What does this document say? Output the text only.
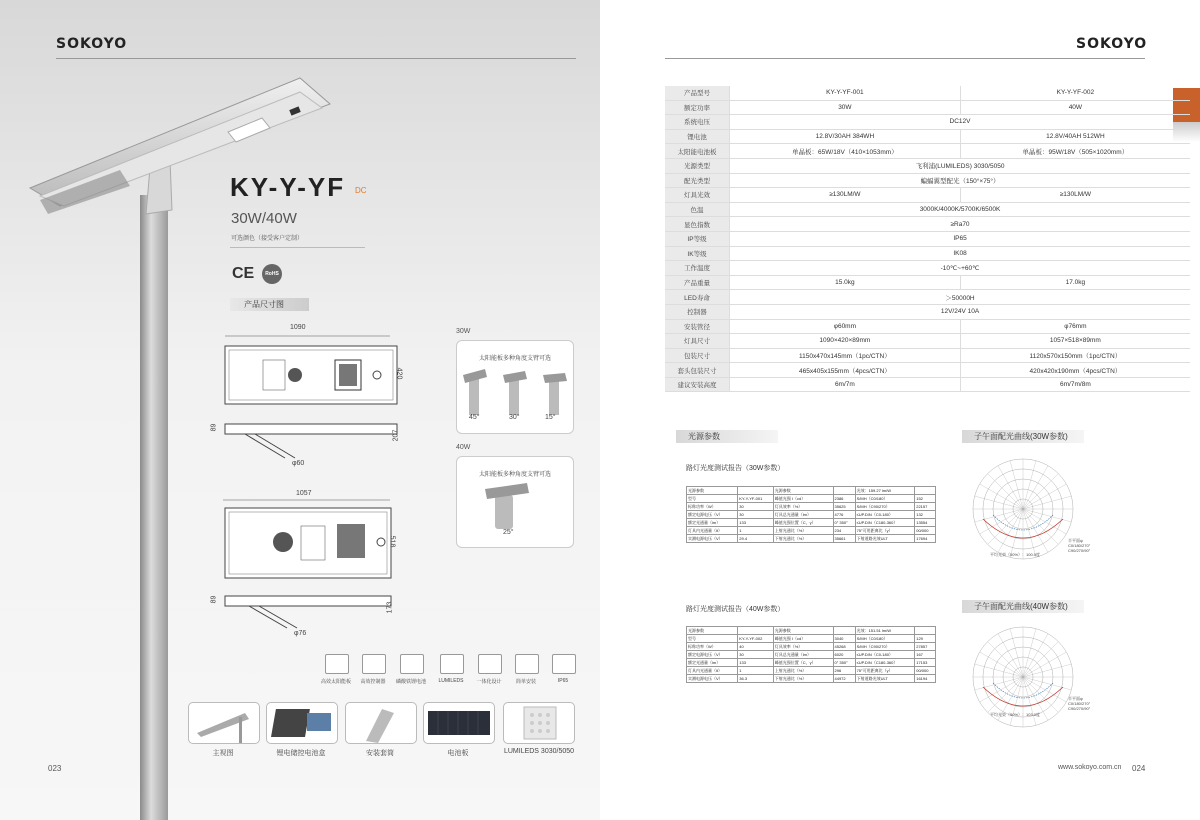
SOKOYO
KY-Y-YF DC
30W/40W
可选颜色（接受客户定制）
CE	RoHS
产品尺寸图
1090
420
89
207
φ60
1057
518
89
173
φ76
30W
太阳能板多种角度支臂可选
45°	30°	15°
40W
太阳能板多种角度支臂可选
25°
高效太阳能板	高效控制器	磷酸铁锂电池	LUMILEDS	一体化设计	简单安装	IP65
主视图	锂电储控电池盒	安装套筒	电池板	LUMILEDS 3030/5050
023
SOKOYO
产品型号	KY-Y-YF-001	KY-Y-YF-002
额定功率	30W	40W
系统电压	DC12V	
锂电池	12.8V/30AH 384WH	12.8V/40AH 512WH
太阳能电池板	单晶板：65W/18V（410×1053mm）	单晶板：95W/18V（505×1020mm）
光源类型	飞利浦(LUMILEDS) 3030/5050	
配光类型	蝙蝠翼型配光（150°×75°）	
灯具光效	≥130LM/W	≥130LM/W
色温	3000K/4000K/5700K/6500K	
显色指数	≥Ra70	
IP等级	IP65	
IK等级	IK08	
工作温度	-10℃~+60℃	
产品重量	15.0kg	17.0kg
LED寿命	＞50000H	
控制器	12V/24V 10A	
安装管径	φ60mm	φ76mm
灯具尺寸	1090×420×89mm	1057×518×89mm
包装尺寸	1150x470x145mm（1pc/CTN）	1120x570x150mm（1pc/CTN）
套头包装尺寸	465x405x155mm（4pcs/CTN）	420x420x190mm（4pcs/CTN）
建议安装高度	6m/7m	6m/7m/8m
光源参数	子午面配光曲线(30W参数)
子午面配光曲线(40W参数)
路灯光度测试报告（30W参数）
光源参数		光源参数		光效：159.27 lm/W	
型号	KY-Y-YF-001	峰值光强 I（cd）	2386	S/MH（C0/180）	152
标称功率（W）	30	灯具效率（%）	35625	S/MH（C90/270）	22157
额定电源电压（V）	30	灯具总光通量（lm）	4776	≤UP.D/N（C0-180）	132
额定光通量（lm）	133	峰值光强位置（C，γ）	0° 350°	≤UP.D/N（C180-360）	13554
灯具内光通量（lt）	1	上射光通比（%）	234	75°可用距离比（γ）	00/000
实测电源电压（V）	29.4	下射光通比（%）	35661	下射道路光效ULT	17694
路灯光度测试报告（40W参数）
光源参数		光源参数		光效：151.51 lm/W	
型号	KY-Y-YF-002	峰值光强 I（cd）	3040	S/MH（C0/180）	129
标称功率（W）	40	灯具效率（%）	45268	S/MH（C90/270）	27857
额定电源电压（V）	30	灯具总光通量（lm）	6020	≤UP.D/N（C0-180）	167
额定光通量（lm）	133	峰值光强位置（C，γ）	0° 350°	≤UP.D/N（C180-360）	17153
灯具内光通量（lt）	1	上射光通比（%）	296	75°可用距离比（γ）	00/000
实测电源电压（V）	36.3	下射光通比（%）	44972	下射道路光效ULT	16194
半平面ψ
C0/180/270°
C90/270/90°
平均光束（50%）：100.0度
半平面ψ
C0/180/270°
C90/270/90°
平均光束（50%）：103.0度
www.sokoyo.com.cn 024
